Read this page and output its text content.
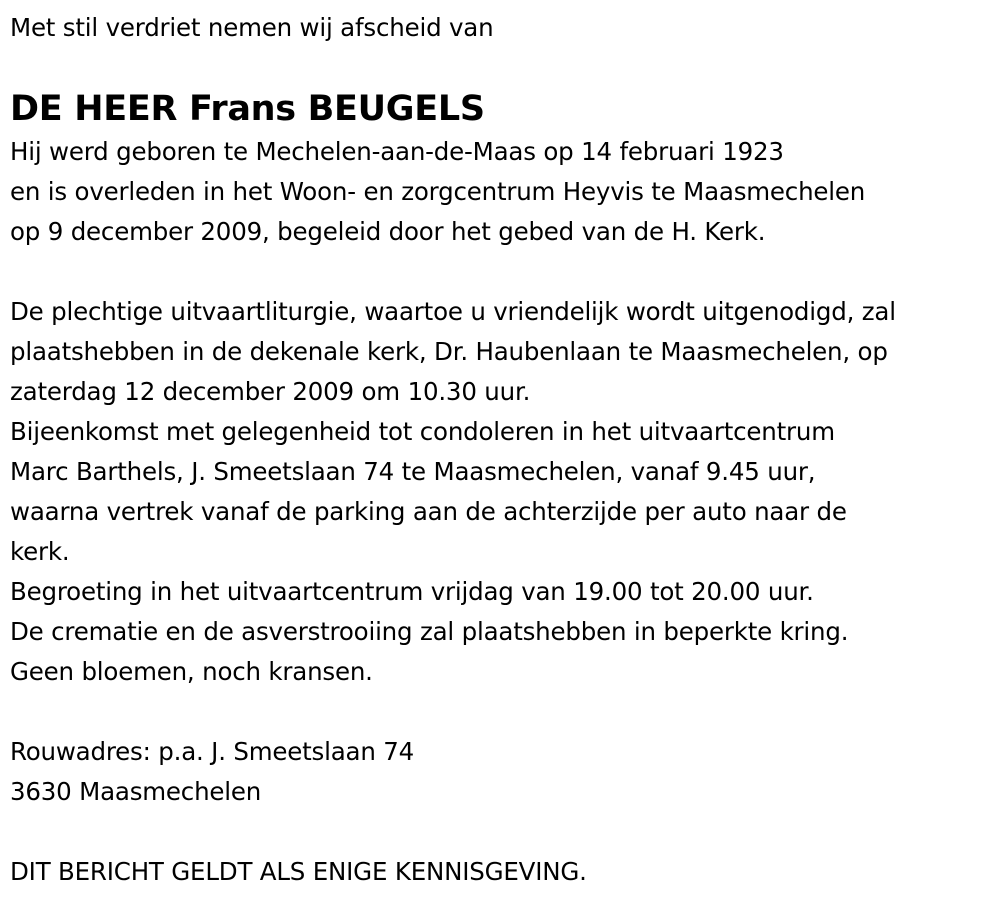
Met stil verdriet nemen wij afscheid van
DE HEER Frans BEUGELS
Hij werd geboren te Mechelen-aan-de-Maas op 14 februari 1923
en is overleden in het Woon- en zorgcentrum Heyvis te Maasmechelen
op 9 december 2009, begeleid door het gebed van de H. Kerk.
De plechtige uitvaartliturgie, waartoe u vriendelijk wordt uitgenodigd, zal
plaatshebben in de dekenale kerk, Dr. Haubenlaan te Maasmechelen, op
zaterdag 12 december 2009 om 10.30 uur.
Bijeenkomst met gelegenheid tot condoleren in het uitvaartcentrum
Marc Barthels, J. Smeetslaan 74 te Maasmechelen, vanaf 9.45 uur,
waarna vertrek vanaf de parking aan de achterzijde per auto naar de
kerk.
Begroeting in het uitvaartcentrum vrijdag van 19.00 tot 20.00 uur.
De crematie en de asverstrooiing zal plaatshebben in beperkte kring.
Geen bloemen, noch kransen.
Rouwadres: p.a. J. Smeetslaan 74
3630 Maasmechelen
DIT BERICHT GELDT ALS ENIGE KENNISGEVING.
